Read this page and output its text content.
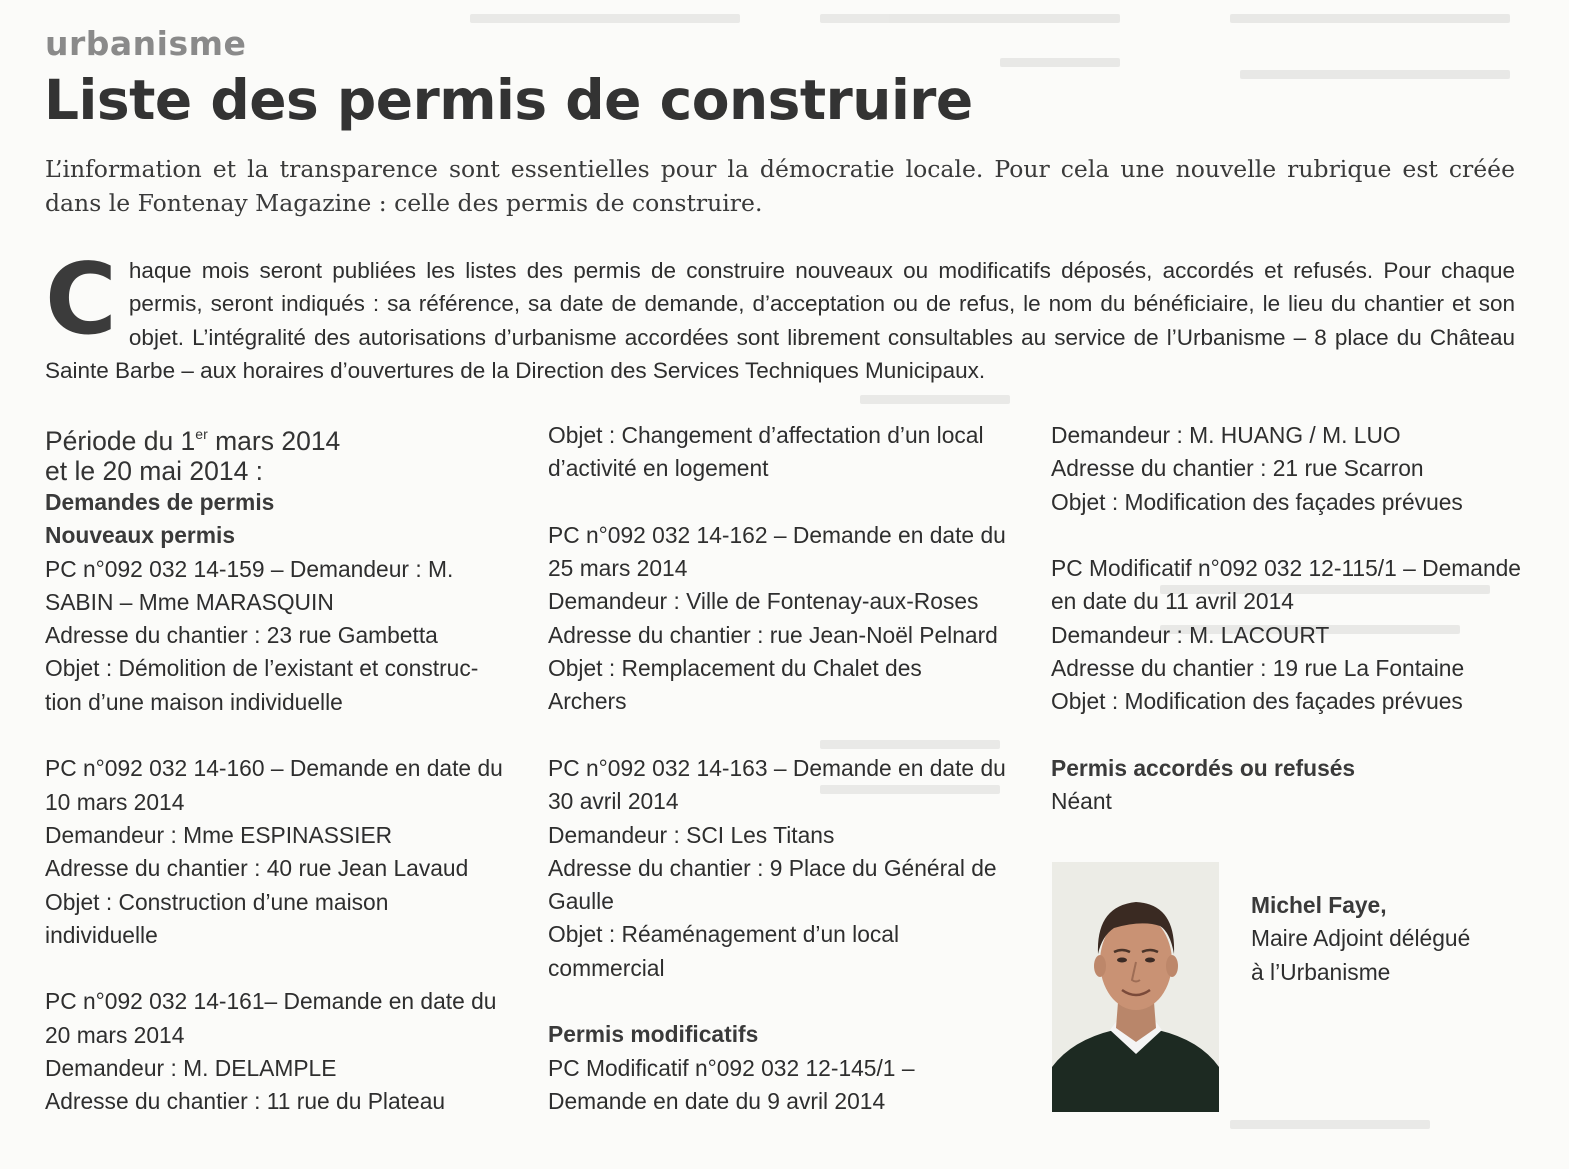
urbanisme
Liste des permis de construire

L’information et la transparence sont essentielles pour la démocratie locale. Pour cela une nouvelle rubrique est créée dans le Fontenay Magazine : celle des permis de construire.

Chaque mois seront publiées les listes des permis de construire nouveaux ou modificatifs déposés, accordés et refusés. Pour chaque permis, seront indiqués : sa référence, sa date de demande, d’acceptation ou de refus, le nom du bénéficiaire, le lieu du chantier et son objet. L’intégralité des autorisations d’urbanisme accordées sont librement consultables au service de l’Urbanisme – 8 place du Château Sainte Barbe – aux horaires d’ouvertures de la Direction des Services Techniques Municipaux.

Période du 1er mars 2014
et le 20 mai 2014 :
Demandes de permis
Nouveaux permis
PC n°092 032 14-159 – Demandeur : M.
SABIN – Mme MARASQUIN
Adresse du chantier : 23 rue Gambetta
Objet : Démolition de l’existant et construc-
tion d’une maison individuelle
PC n°092 032 14-160 – Demande en date du
10 mars 2014
Demandeur : Mme ESPINASSIER
Adresse du chantier : 40 rue Jean Lavaud
Objet : Construction d’une maison
individuelle
PC n°092 032 14-161– Demande en date du
20 mars 2014
Demandeur : M. DELAMPLE
Adresse du chantier : 11 rue du Plateau
Objet : Changement d’affectation d’un local
d’activité en logement
PC n°092 032 14-162 – Demande en date du
25 mars 2014
Demandeur : Ville de Fontenay-aux-Roses
Adresse du chantier : rue Jean-Noël Pelnard
Objet : Remplacement du Chalet des
Archers
PC n°092 032 14-163 – Demande en date du
30 avril 2014
Demandeur : SCI Les Titans
Adresse du chantier : 9 Place du Général de
Gaulle
Objet : Réaménagement d’un local
commercial
Permis modificatifs
PC Modificatif n°092 032 12-145/1 –
Demande en date du 9 avril 2014
Demandeur : M. HUANG / M. LUO
Adresse du chantier : 21 rue Scarron
Objet : Modification des façades prévues
PC Modificatif n°092 032 12-115/1 – Demande
en date du 11 avril 2014
Demandeur : M. LACOURT
Adresse du chantier : 19 rue La Fontaine
Objet : Modification des façades prévues
Permis accordés ou refusés
Néant
Michel Faye,
Maire Adjoint délégué
à l’Urbanisme
